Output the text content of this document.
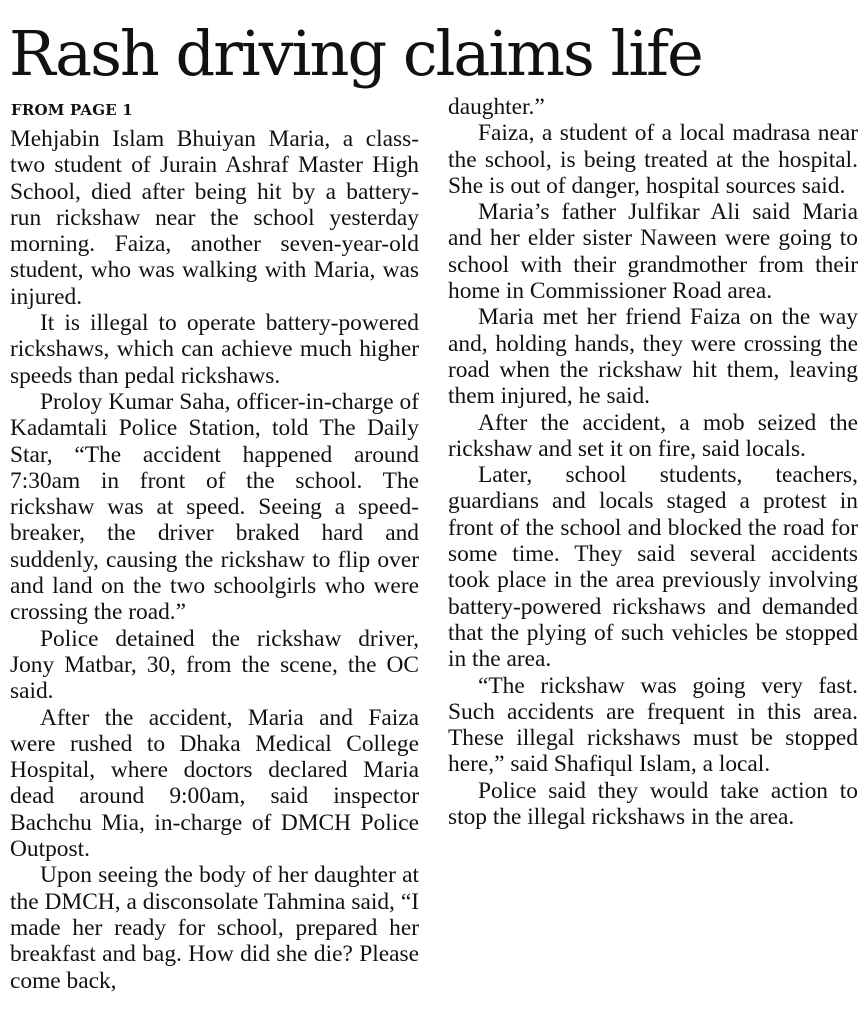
Rash driving claims life
FROM PAGE 1

Mehjabin Islam Bhuiyan Maria, a class-two student of Jurain Ashraf Master High School, died after being hit by a battery-run rickshaw near the school yesterday morning. Faiza, another seven-year-old student, who was walking with Maria, was injured.

It is illegal to operate battery-powered rickshaws, which can achieve much higher speeds than pedal rickshaws.

Proloy Kumar Saha, officer-in-charge of Kadamtali Police Station, told The Daily Star, “The accident happened around 7:30am in front of the school. The rickshaw was at speed. Seeing a speed-breaker, the driver braked hard and suddenly, causing the rickshaw to flip over and land on the two schoolgirls who were crossing the road.”

Police detained the rickshaw driver, Jony Matbar, 30, from the scene, the OC said.

After the accident, Maria and Faiza were rushed to Dhaka Medical College Hospital, where doctors declared Maria dead around 9:00am, said inspector Bachchu Mia, in-charge of DMCH Police Outpost.

Upon seeing the body of her daughter at the DMCH, a disconsolate Tahmina said, “I made her ready for school, prepared her breakfast and bag. How did she die? Please come back,

daughter.”

Faiza, a student of a local madrasa near the school, is being treated at the hospital. She is out of danger, hospital sources said.

Maria’s father Julfikar Ali said Maria and her elder sister Naween were going to school with their grandmother from their home in Commissioner Road area.

Maria met her friend Faiza on the way and, holding hands, they were crossing the road when the rickshaw hit them, leaving them injured, he said.

After the accident, a mob seized the rickshaw and set it on fire, said locals.

Later, school students, teachers, guardians and locals staged a protest in front of the school and blocked the road for some time. They said several accidents took place in the area previously involving battery-powered rickshaws and demanded that the plying of such vehicles be stopped in the area.

“The rickshaw was going very fast. Such accidents are frequent in this area. These illegal rickshaws must be stopped here,” said Shafiqul Islam, a local.

Police said they would take action to stop the illegal rickshaws in the area.
